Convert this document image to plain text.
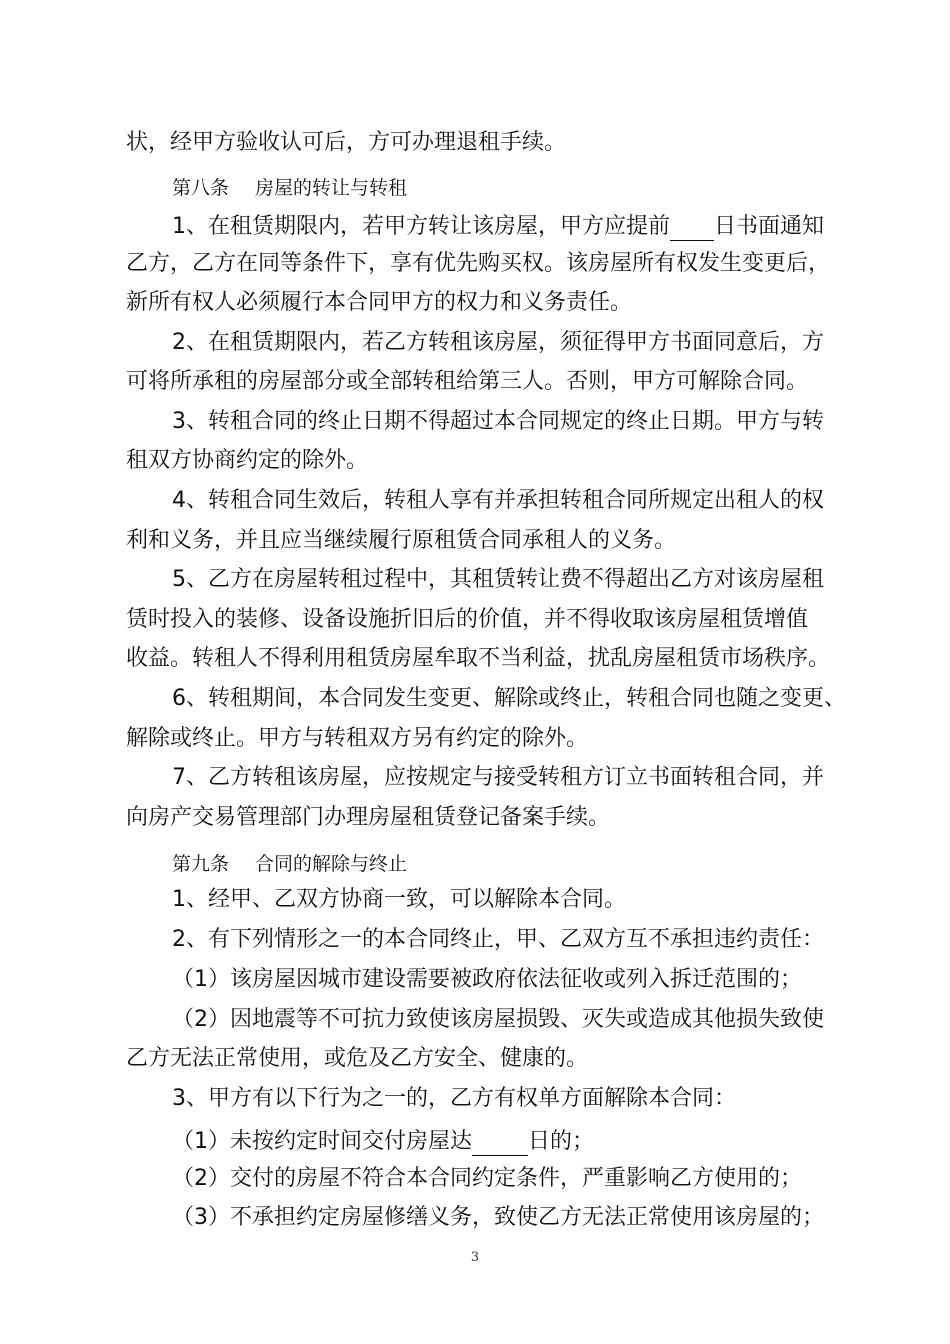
状，经甲方验收认可后，方可办理退租手续。
第八条 房屋的转让与转租
1、在租赁期限内，若甲方转让该房屋，甲方应提前 日书面通知
乙方，乙方在同等条件下，享有优先购买权。该房屋所有权发生变更后，
新所有权人必须履行本合同甲方的权力和义务责任。
2、在租赁期限内，若乙方转租该房屋，须征得甲方书面同意后，方
可将所承租的房屋部分或全部转租给第三人。否则，甲方可解除合同。
3、转租合同的终止日期不得超过本合同规定的终止日期。甲方与转
租双方协商约定的除外。
4、转租合同生效后，转租人享有并承担转租合同所规定出租人的权
利和义务，并且应当继续履行原租赁合同承租人的义务。
5、乙方在房屋转租过程中，其租赁转让费不得超出乙方对该房屋租
赁时投入的装修、设备设施折旧后的价值，并不得收取该房屋租赁增值
收益。转租人不得利用租赁房屋牟取不当利益，扰乱房屋租赁市场秩序。
6、转租期间，本合同发生变更、解除或终止，转租合同也随之变更、
解除或终止。甲方与转租双方另有约定的除外。
7、乙方转租该房屋，应按规定与接受转租方订立书面转租合同，并
向房产交易管理部门办理房屋租赁登记备案手续。
第九条 合同的解除与终止
1、经甲、乙双方协商一致，可以解除本合同。
2、有下列情形之一的本合同终止，甲、乙双方互不承担违约责任：
（1）该房屋因城市建设需要被政府依法征收或列入拆迁范围的；
（2）因地震等不可抗力致使该房屋损毁、灭失或造成其他损失致使
乙方无法正常使用，或危及乙方安全、健康的。
3、甲方有以下行为之一的，乙方有权单方面解除本合同：
（1）未按约定时间交付房屋达	日的；
（2）交付的房屋不符合本合同约定条件，严重影响乙方使用的；
（3）不承担约定房屋修缮义务，致使乙方无法正常使用该房屋的；
3
